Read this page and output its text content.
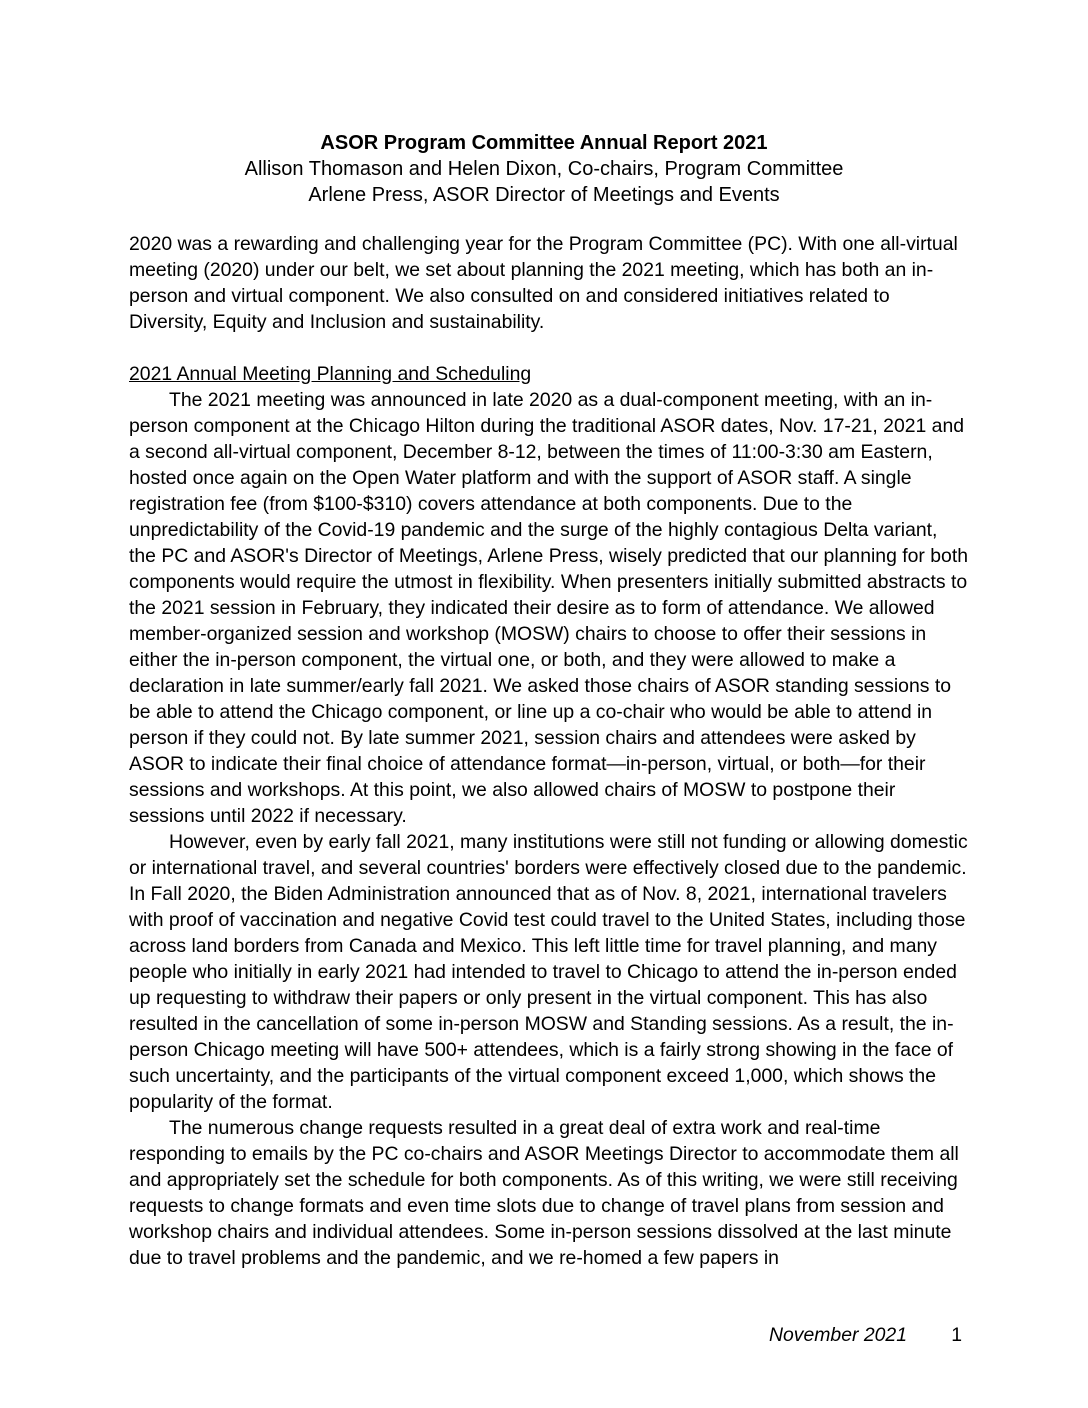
ASOR Program Committee Annual Report 2021
Allison Thomason and Helen Dixon, Co-chairs, Program Committee
Arlene Press, ASOR Director of Meetings and Events

2020 was a rewarding and challenging year for the Program Committee (PC). With one all-virtual meeting (2020) under our belt, we set about planning the 2021 meeting, which has both an in-person and virtual component. We also consulted on and considered initiatives related to Diversity, Equity and Inclusion and sustainability.

2021 Annual Meeting Planning and Scheduling

The 2021 meeting was announced in late 2020 as a dual-component meeting, with an in-person component at the Chicago Hilton during the traditional ASOR dates, Nov. 17-21, 2021 and a second all-virtual component, December 8-12, between the times of 11:00-3:30 am Eastern, hosted once again on the Open Water platform and with the support of ASOR staff. A single registration fee (from $100-$310) covers attendance at both components. Due to the unpredictability of the Covid-19 pandemic and the surge of the highly contagious Delta variant, the PC and ASOR's Director of Meetings, Arlene Press, wisely predicted that our planning for both components would require the utmost in flexibility. When presenters initially submitted abstracts to the 2021 session in February, they indicated their desire as to form of attendance. We allowed member-organized session and workshop (MOSW) chairs to choose to offer their sessions in either the in-person component, the virtual one, or both, and they were allowed to make a declaration in late summer/early fall 2021. We asked those chairs of ASOR standing sessions to be able to attend the Chicago component, or line up a co-chair who would be able to attend in person if they could not. By late summer 2021, session chairs and attendees were asked by ASOR to indicate their final choice of attendance format—in-person, virtual, or both—for their sessions and workshops. At this point, we also allowed chairs of MOSW to postpone their sessions until 2022 if necessary.

However, even by early fall 2021, many institutions were still not funding or allowing domestic or international travel, and several countries' borders were effectively closed due to the pandemic. In Fall 2020, the Biden Administration announced that as of Nov. 8, 2021, international travelers with proof of vaccination and negative Covid test could travel to the United States, including those across land borders from Canada and Mexico. This left little time for travel planning, and many people who initially in early 2021 had intended to travel to Chicago to attend the in-person ended up requesting to withdraw their papers or only present in the virtual component. This has also resulted in the cancellation of some in-person MOSW and Standing sessions. As a result, the in-person Chicago meeting will have 500+ attendees, which is a fairly strong showing in the face of such uncertainty, and the participants of the virtual component exceed 1,000, which shows the popularity of the format.

The numerous change requests resulted in a great deal of extra work and real-time responding to emails by the PC co-chairs and ASOR Meetings Director to accommodate them all and appropriately set the schedule for both components. As of this writing, we were still receiving requests to change formats and even time slots due to change of travel plans from session and workshop chairs and individual attendees. Some in-person sessions dissolved at the last minute due to travel problems and the pandemic, and we re-homed a few papers in

November 2021 1
